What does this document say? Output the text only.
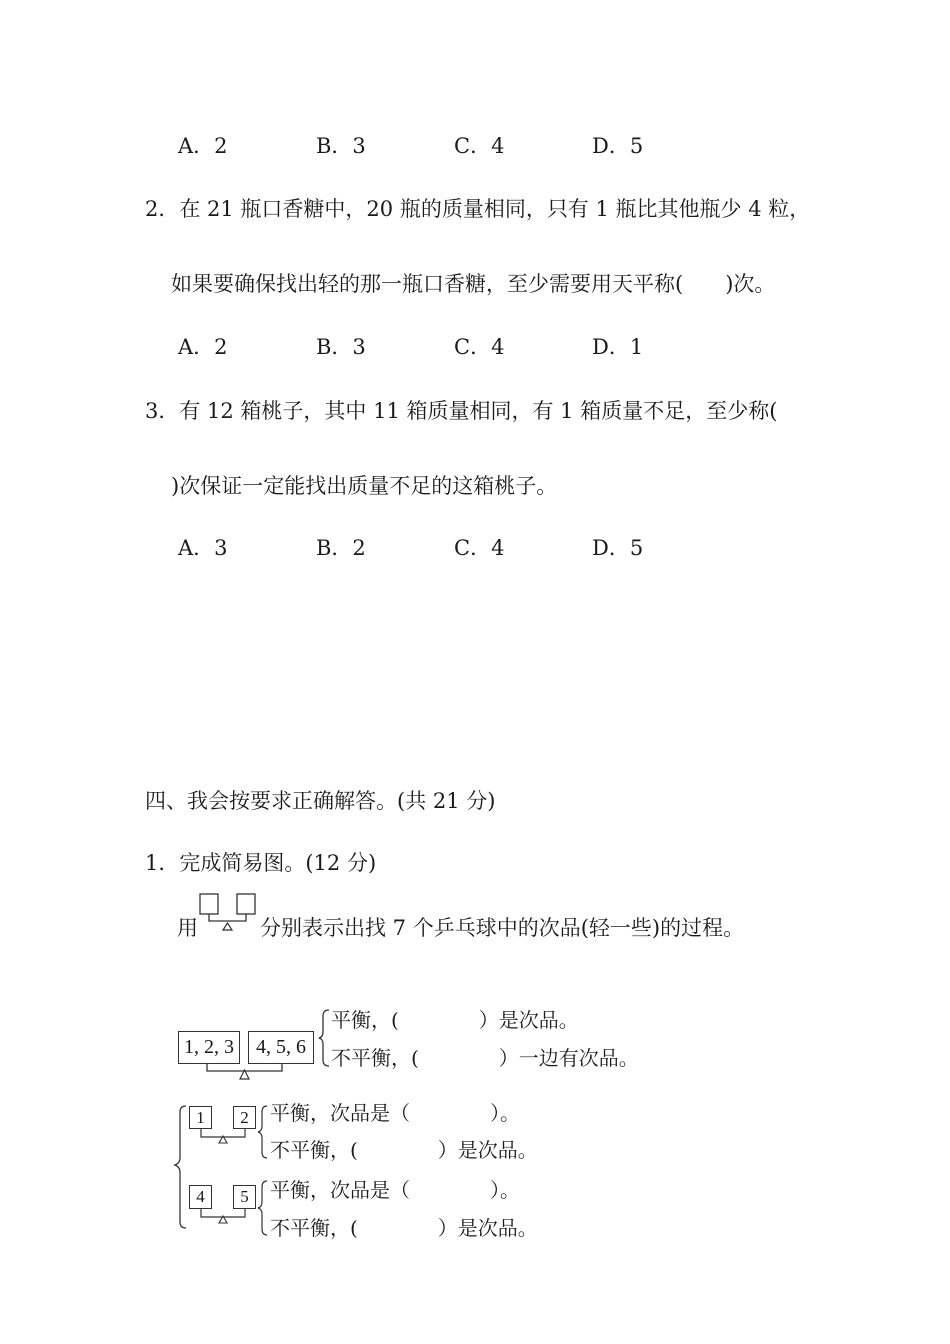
A．2	B．3	C．4	D．5
2．在 21 瓶口香糖中，20 瓶的质量相同，只有 1 瓶比其他瓶少 4 粒，
如果要确保找出轻的那一瓶口香糖，至少需要用天平称(　　)次。
A．2	B．3	C．4	D．1
3．有 12 箱桃子，其中 11 箱质量相同，有 1 箱质量不足，至少称(
)次保证一定能找出质量不足的这箱桃子。
A．3	B．2	C．4	D．5
四、我会按要求正确解答。(共 21 分)
1．完成简易图。(12 分)
用	分别表示出找 7 个乒乓球中的次品(轻一些)的过程。
1, 2, 3	4, 5, 6
平衡，(　　　　）是次品。
不平衡，(　　　　）一边有次品。
1	2	平衡，次品是（　　　　）。
不平衡，(　　　　）是次品。
4	5	平衡，次品是（　　　　）。
不平衡，(　　　　）是次品。
